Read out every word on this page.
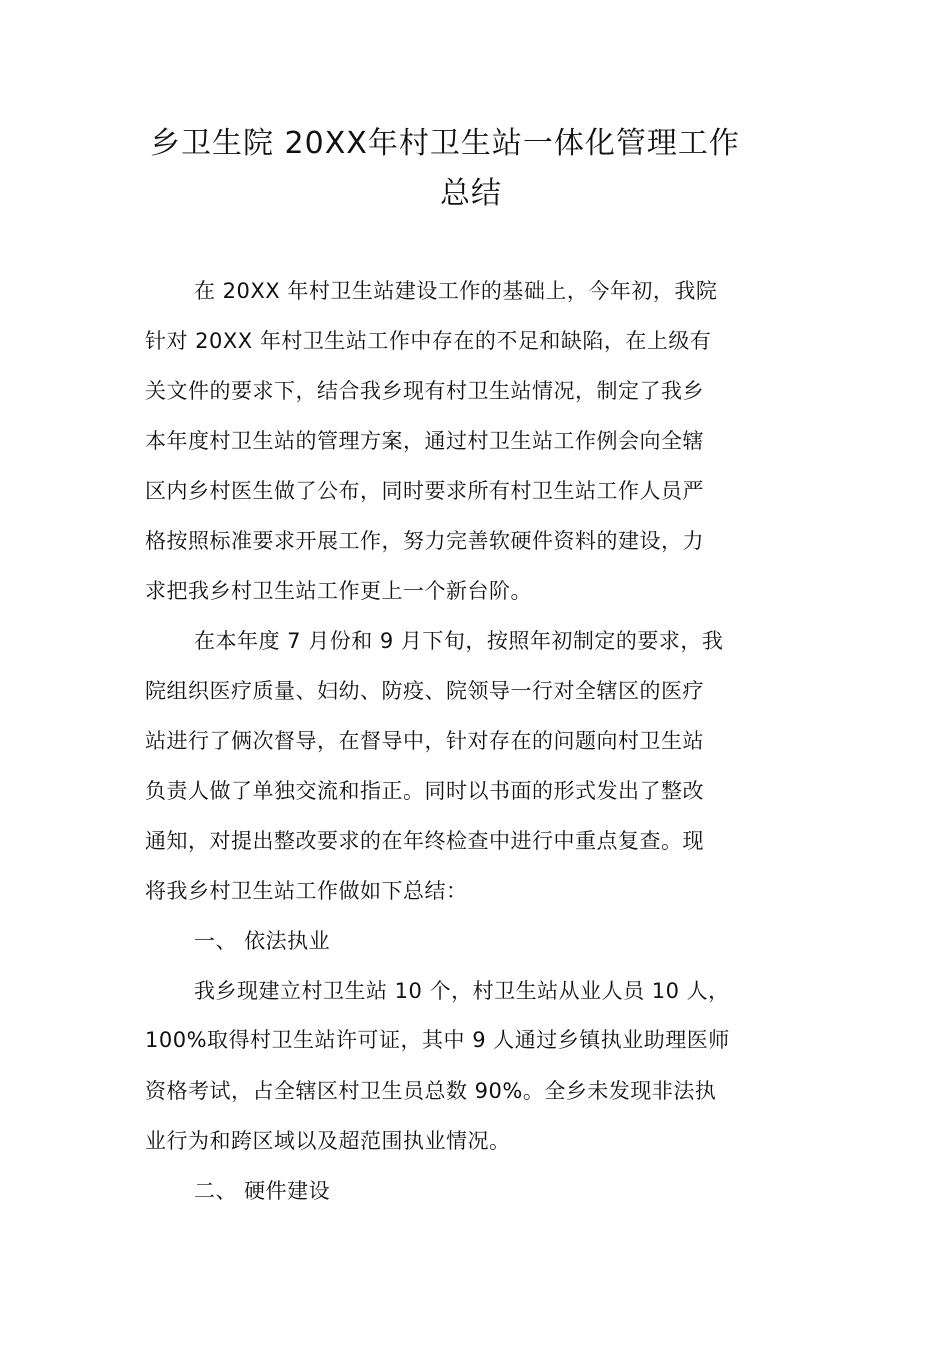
乡卫生院 20XX年村卫生站一体化管理工作
总结
在 20XX 年村卫生站建设工作的基础上，今年初，我院
针对 20XX 年村卫生站工作中存在的不足和缺陷，在上级有
关文件的要求下，结合我乡现有村卫生站情况，制定了我乡
本年度村卫生站的管理方案，通过村卫生站工作例会向全辖
区内乡村医生做了公布，同时要求所有村卫生站工作人员严
格按照标准要求开展工作，努力完善软硬件资料的建设，力
求把我乡村卫生站工作更上一个新台阶。
在本年度 7 月份和 9 月下旬，按照年初制定的要求，我
院组织医疗质量、妇幼、防疫、院领导一行对全辖区的医疗
站进行了俩次督导，在督导中，针对存在的问题向村卫生站
负责人做了单独交流和指正。同时以书面的形式发出了整改
通知，对提出整改要求的在年终检查中进行中重点复查。现
将我乡村卫生站工作做如下总结：
一、 依法执业
我乡现建立村卫生站 10 个，村卫生站从业人员 10 人，
100%取得村卫生站许可证，其中 9 人通过乡镇执业助理医师
资格考试，占全辖区村卫生员总数 90%。全乡未发现非法执
业行为和跨区域以及超范围执业情况。
二、 硬件建设
